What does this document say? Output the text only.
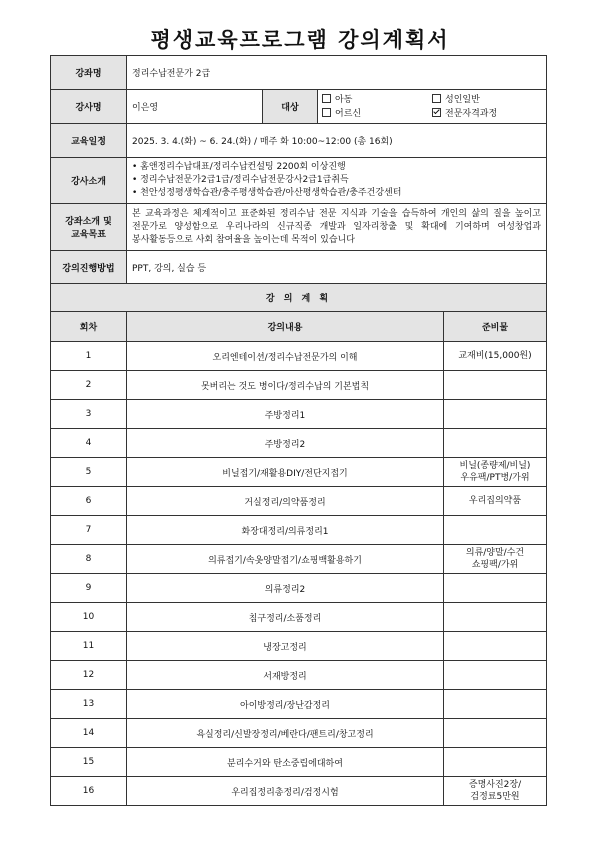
평생교육프로그램 강의계획서
강좌명	정리수납전문가 2급			
강사명	이은영	대상	아동 성인일반
어르신 전문자격과정	

교육일정	2025. 3. 4.(화) ~ 6. 24.(화) / 매주 화 10:00~12:00 (총 16회)			
강사소개	• 홈앤정리수납대표/정리수납컨설팅 2200회 이상진행
• 정리수납전문가2급1급/정리수납전문강사2급1급취득
• 천안성정평생학습관/충주평생학습관/아산평생학습관/충주건강센터

강좌소개 및
교육목표	본 교육과정은 체계적이고 표준화된 정리수납 전문 지식과 기술을 습득하여 개인의 삶의 질을 높이고 전문가로 양성함으로 우리나라의 신규직종 개발과 일자리창출 및 확대에 기여하며 여성창업과 봉사활동등으로 사회 참여율을 높이는데 목적이 있습니다			
강의진행방법	PPT, 강의, 실습 등			
강 의 계 획				
회차	강의내용			준비물
1	오리엔테이션/정리수납전문가의 이해			교재비(15,000원)
2	못버리는 것도 병이다/정리수납의 기본법칙			
3	주방정리1			
4	주방정리2			
5	비닐접기/재활용DIY/전단지접기			비닐(종량제/비닐)
우유팩/PT병/가위
6	거실정리/의약품정리			우리집의약품
7	화장대정리/의류정리1			
8	의류접기/속옷양말접기/쇼핑백활용하기			의류/양말/수건
쇼핑팩/가위
9	의류정리2			
10	침구정리/소품정리			
11	냉장고정리			
12	서재방정리			
13	아이방정리/장난감정리			
14	욕실정리/신발장정리/베란다/팬트리/창고정리			
15	분리수거와 탄소중립에대하여			
16	우리집정리총정리/검정시험			증명사진2장/
검정료5만원
